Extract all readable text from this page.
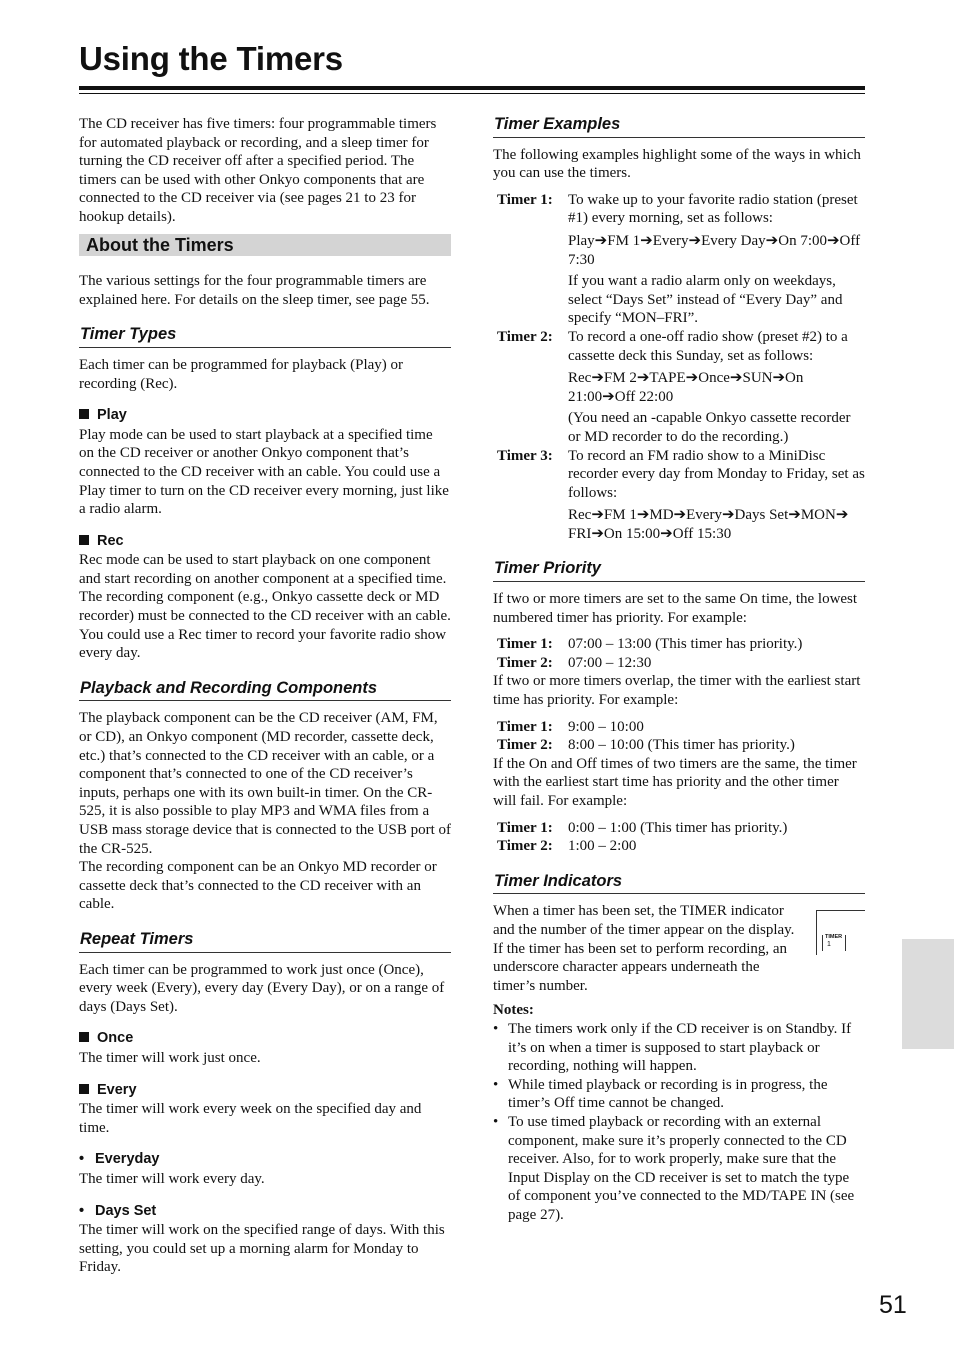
Using the Timers

The CD receiver has five timers: four programmable timers for automated playback or recording, and a sleep timer for turning the CD receiver off after a specified period. The timers can be used with other Onkyo components that are connected to the CD receiver via (see pages 21 to 23 for hookup details).

About the Timers

The various settings for the four programmable timers are explained here. For details on the sleep timer, see page 55.

Timer Types

Each timer can be programmed for playback (Play) or recording (Rec).

Play

Play mode can be used to start playback at a specified time on the CD receiver or another Onkyo component that’s connected to the CD receiver with an cable. You could use a Play timer to turn on the CD receiver every morning, just like a radio alarm.

Rec

Rec mode can be used to start playback on one component and start recording on another component at a specified time. The recording component (e.g., Onkyo cassette deck or MD recorder) must be connected to the CD receiver with an cable. You could use a Rec timer to record your favorite radio show every day.

Playback and Recording Components

The playback component can be the CD receiver (AM, FM, or CD), an Onkyo component (MD recorder, cassette deck, etc.) that’s connected to the CD receiver with an cable, or a component that’s connected to one of the CD receiver’s inputs, perhaps one with its own built-in timer. On the CR-525, it is also possible to play MP3 and WMA files from a USB mass storage device that is connected to the USB port of the CR-525.

The recording component can be an Onkyo MD recorder or cassette deck that’s connected to the CD receiver with an cable.

Repeat Timers

Each timer can be programmed to work just once (Once), every week (Every), every day (Every Day), or on a range of days (Days Set).

Once

The timer will work just once.

Every

The timer will work every week on the specified day and time.

• Everyday

The timer will work every day.

• Days Set

The timer will work on the specified range of days. With this setting, you could set up a morning alarm for Monday to Friday.

Timer Examples

The following examples highlight some of the ways in which you can use the timers.

Timer 1:	To wake up to your favorite radio station (preset #1) every morning, set as follows:

Play➔FM 1➔Every➔Every Day➔On 7:00➔Off 7:30

If you want a radio alarm only on weekdays, select “Days Set” instead of “Every Day” and specify “MON–FRI”.

Timer 2:	To record a one-off radio show (preset #2) to a cassette deck this Sunday, set as follows:

Rec➔FM 2➔TAPE➔Once➔SUN➔On 21:00➔Off 22:00

(You need an -capable Onkyo cassette recorder or MD recorder to do the recording.)

Timer 3:	To record an FM radio show to a MiniDisc recorder every day from Monday to Friday, set as follows:

Rec➔FM 1➔MD➔Every➔Days Set➔MON➔ FRI➔On 15:00➔Off 15:30

Timer Priority

If two or more timers are set to the same On time, the lowest numbered timer has priority. For example:

Timer 1:	07:00 – 13:00 (This timer has priority.)
Timer 2:	07:00 – 12:30

If two or more timers overlap, the timer with the earliest start time has priority. For example:

Timer 1:	9:00 – 10:00
Timer 2:	8:00 – 10:00 (This timer has priority.)

If the On and Off times of two timers are the same, the timer with the earliest start time has priority and the other timer will fail. For example:

Timer 1:	0:00 – 1:00 (This timer has priority.)
Timer 2:	1:00 – 2:00
Timer Indicators

When a timer has been set, the TIMER indicator and the number of the timer appear on the display. If the timer has been set to perform recording, an underscore character appears underneath the timer’s number.

TIMER
1

Notes:

• The timers work only if the CD receiver is on Standby. If it’s on when a timer is supposed to start playback or recording, nothing will happen.
• While timed playback or recording is in progress, the timer’s Off time cannot be changed.
• To use timed playback or recording with an external component, make sure it’s properly connected to the CD receiver. Also, for to work properly, make sure that the Input Display on the CD receiver is set to match the type of component you’ve connected to the MD/TAPE IN (see page 27).
51
